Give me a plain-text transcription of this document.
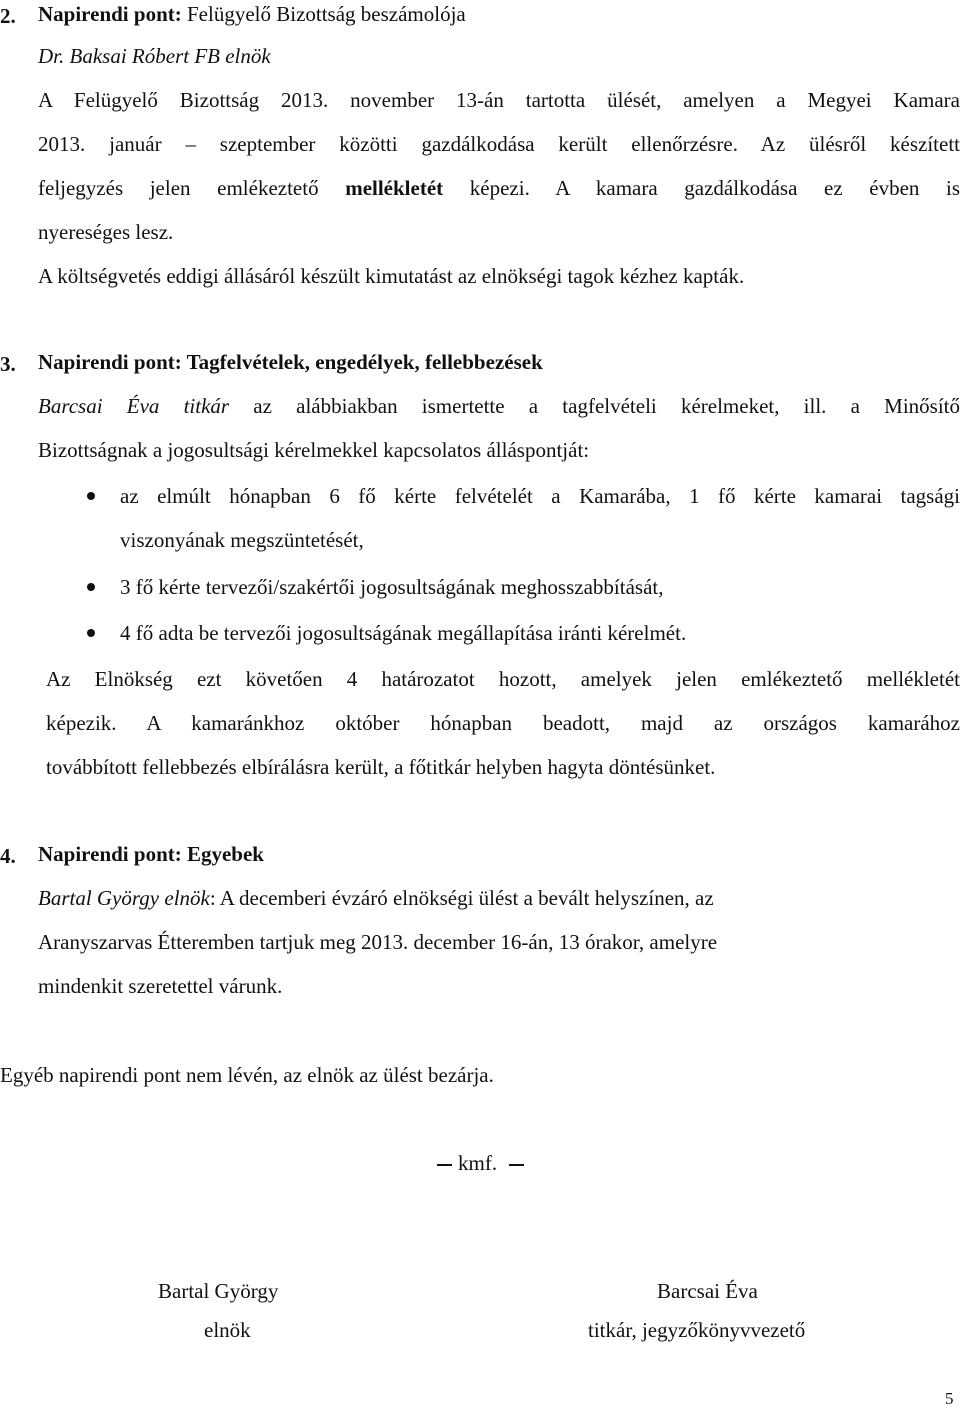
2. Napirendi pont: Felügyelő Bizottság beszámolója
Dr. Baksai Róbert FB elnök
A Felügyelő Bizottság 2013. november 13-án tartotta ülését, amelyen a Megyei Kamara
2013. január – szeptember közötti gazdálkodása került ellenőrzésre. Az ülésről készített
feljegyzés jelen emlékeztető mellékletét képezi. A kamara gazdálkodása ez évben is
nyereséges lesz.
A költségvetés eddigi állásáról készült kimutatást az elnökségi tagok kézhez kapták.
3. Napirendi pont: Tagfelvételek, engedélyek, fellebbezések
Barcsai Éva titkár az alábbiakban ismertette a tagfelvételi kérelmeket, ill. a Minősítő
Bizottságnak a jogosultsági kérelmekkel kapcsolatos álláspontját:
az elmúlt hónapban 6 fő kérte felvételét a Kamarába, 1 fő kérte kamarai tagsági
viszonyának megszüntetését,
3 fő kérte tervezői/szakértői jogosultságának meghosszabbítását,
4 fő adta be tervezői jogosultságának megállapítása iránti kérelmét.
Az Elnökség ezt követően 4 határozatot hozott, amelyek jelen emlékeztető mellékletét
képezik. A kamaránkhoz október hónapban beadott, majd az országos kamarához
továbbított fellebbezés elbírálásra került, a főtitkár helyben hagyta döntésünket.
4. Napirendi pont: Egyebek
Bartal György elnök: A decemberi évzáró elnökségi ülést a bevált helyszínen, az
Aranyszarvas Étteremben tartjuk meg 2013. december 16-án, 13 órakor, amelyre
mindenkit szeretettel várunk.
Egyéb napirendi pont nem lévén, az elnök az ülést bezárja.
kmf.
Bartal György
elnök
Barcsai Éva
titkár, jegyzőkönyvvezető
5
